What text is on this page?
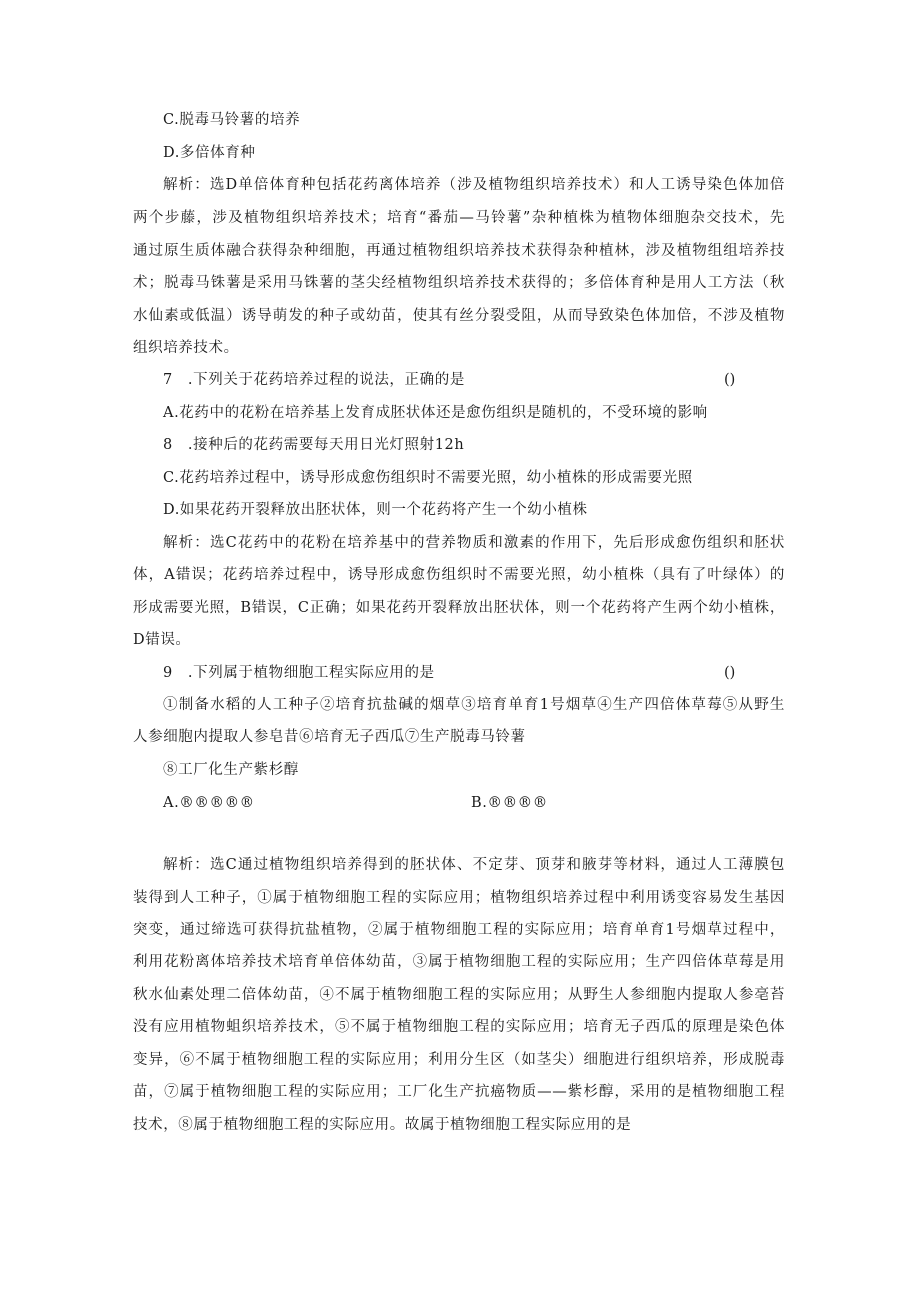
C.脱毒马铃薯的培养
D.多倍体育种
解析：选D单倍体育种包括花药离体培养（涉及植物组织培养技术）和人工诱导染色体加倍
两个步藤，涉及植物组织培养技术；培育“番茄—马铃薯”杂种植株为植物体细胞杂交技术，先
通过原生质体融合获得杂种细胞，再通过植物组织培养技术获得杂种植林，涉及植物组组培养技
术；脱毒马铢薯是采用马铢薯的茎尖经植物组织培养技术获得的；多倍体育种是用人工方法（秋
水仙素或低温）诱导萌发的种子或幼苗，使其有丝分裂受阻，从而导致染色体加倍，不涉及植物
组织培养技术。
7　.下列关于花药培养过程的说法，正确的是	()
A.花药中的花粉在培养基上发育成胚状体还是愈伤组织是随机的，不受环境的影响
8　.接种后的花药需要每天用日光灯照射12h
C.花药培养过程中，诱导形成愈伤组织时不需要光照，幼小植株的形成需要光照
D.如果花药开裂释放出胚状体，则一个花药将产生一个幼小植株
解析：选C花药中的花粉在培养基中的营养物质和激素的作用下，先后形成愈伤组织和胚状
体，A错误；花药培养过程中，诱导形成愈伤组织时不需要光照，幼小植株（具有了叶绿体）的
形成需要光照，B错误，C正确；如果花药开裂释放出胚状体，则一个花药将产生两个幼小植株，
D错误。
9　.下列属于植物细胞工程实际应用的是	()
①制备水稻的人工种子②培育抗盐碱的烟草③培育单育1号烟草④生产四倍体草莓⑤从野生
人参细胞内提取人参皂昔⑥培育无子西瓜⑦生产脱毒马铃薯
⑧工厂化生产紫杉醇
A.®®®®®	B.®®®®
解析：选C通过植物组织培养得到的胚状体、不定芽、顶芽和腋芽等材料，通过人工薄膜包
装得到人工种子，①属于植物细胞工程的实际应用；植物组织培养过程中利用诱变容易发生基因
突变，通过缔选可获得抗盐植物，②属于植物细胞工程的实际应用；培育单育1号烟草过程中，
利用花粉离体培养技术培育单倍体幼苗，③属于植物细胞工程的实际应用；生产四倍体草莓是用
秋水仙素处理二倍体幼苗，④不属于植物细胞工程的实际应用；从野生人参细胞内提取人参亳苔
没有应用植物蛆织培养技术，⑤不属于植物细胞工程的实际应用；培育无子西瓜的原理是染色体
变异，⑥不属于植物细胞工程的实际应用；利用分生区（如茎尖）细胞进行组织培养，形成脱毒
苗，⑦属于植物细胞工程的实际应用；工厂化生产抗癌物质——紫杉醇，采用的是植物细胞工程
技术，⑧属于植物细胞工程的实际应用。故属于植物细胞工程实际应用的是
